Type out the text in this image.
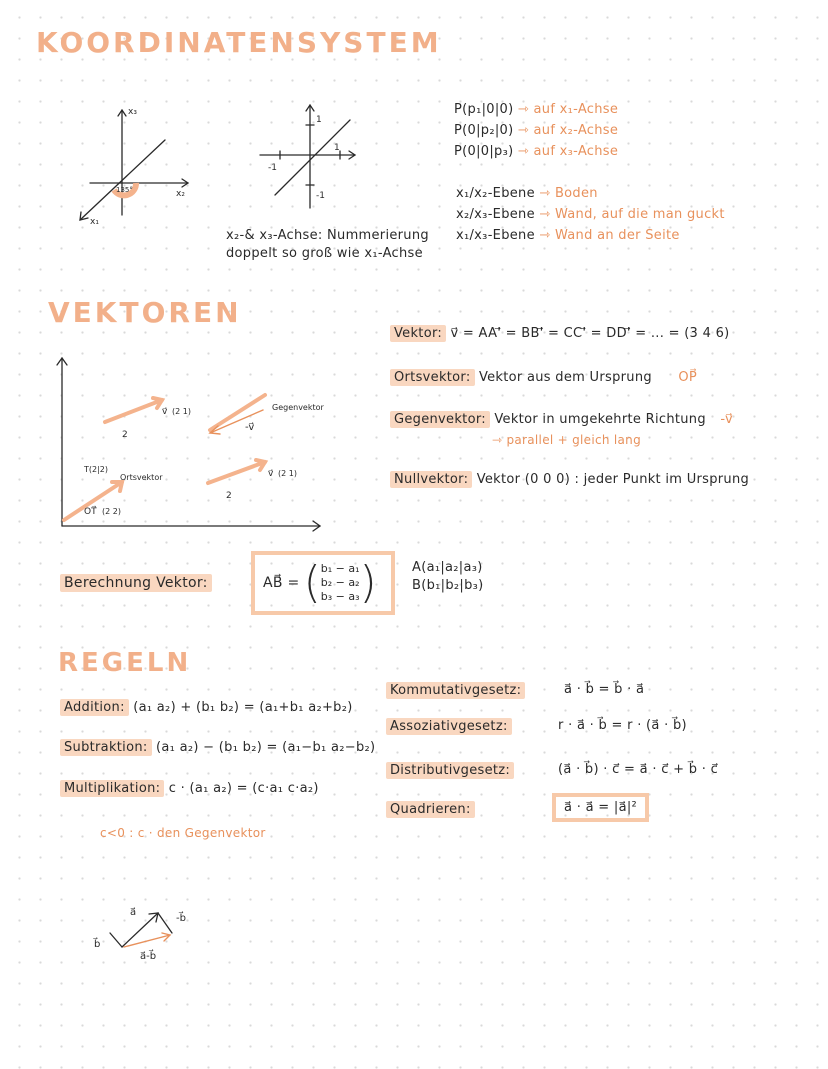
KOORDINATENSYSTEM
x₃
x₂
x₁
135°
1
-1
-1
1
x₂-& x₃-Achse: Nummerierung
doppelt so groß wie x₁-Achse
P(p₁|0|0) ⇾ auf x₁-Achse
P(0|p₂|0) ⇾ auf x₂-Achse
P(0|0|p₃) ⇾ auf x₃-Achse
x₁/x₂-Ebene ⇾ Boden
x₂/x₃-Ebene ⇾ Wand, auf die man guckt
x₁/x₃-Ebene ⇾ Wand an der Seite
VEKTOREN
2
v⃗ (2 1)	Gegenvektor
-v⃗
T(2|2)
Ortsvektor
OT⃗ (2 2)
v⃗ (2 1)
2
Vektor: v⃗ = AA'⃗ = BB'⃗ = CC'⃗ = DD'⃗ = ... = (3 4 6)
Ortsvektor: Vektor aus dem Ursprung OP⃗
Gegenvektor: Vektor in umgekehrte Richtung -v⃗
⇾ parallel + gleich lang
Nullvektor: Vektor (0 0 0) : jeder Punkt im Ursprung
Berechnung Vektor:	AB⃗ = ( b₁ − a₁
b₂ − a₂
b₃ − a₃ )	A(a₁|a₂|a₃)
B(b₁|b₂|b₃)
REGELN
Addition: (a₁ a₂) + (b₁ b₂) = (a₁+b₁ a₂+b₂)
Subtraktion: (a₁ a₂) − (b₁ b₂) = (a₁−b₁ a₂−b₂)
Multiplikation: c · (a₁ a₂) = (c·a₁ c·a₂)
c<0 : c · den Gegenvektor
Kommutativgesetz:	a⃗ · b⃗ = b⃗ · a⃗
Assoziativgesetz:	r · a⃗ · b⃗ = r · (a⃗ · b⃗)
Distributivgesetz:	(a⃗ · b⃗) · c⃗ = a⃗ · c⃗ + b⃗ · c⃗
Quadrieren:	a⃗ · a⃗ = |a⃗|²
b⃗
a⃗
-b⃗
a⃗-b⃗
